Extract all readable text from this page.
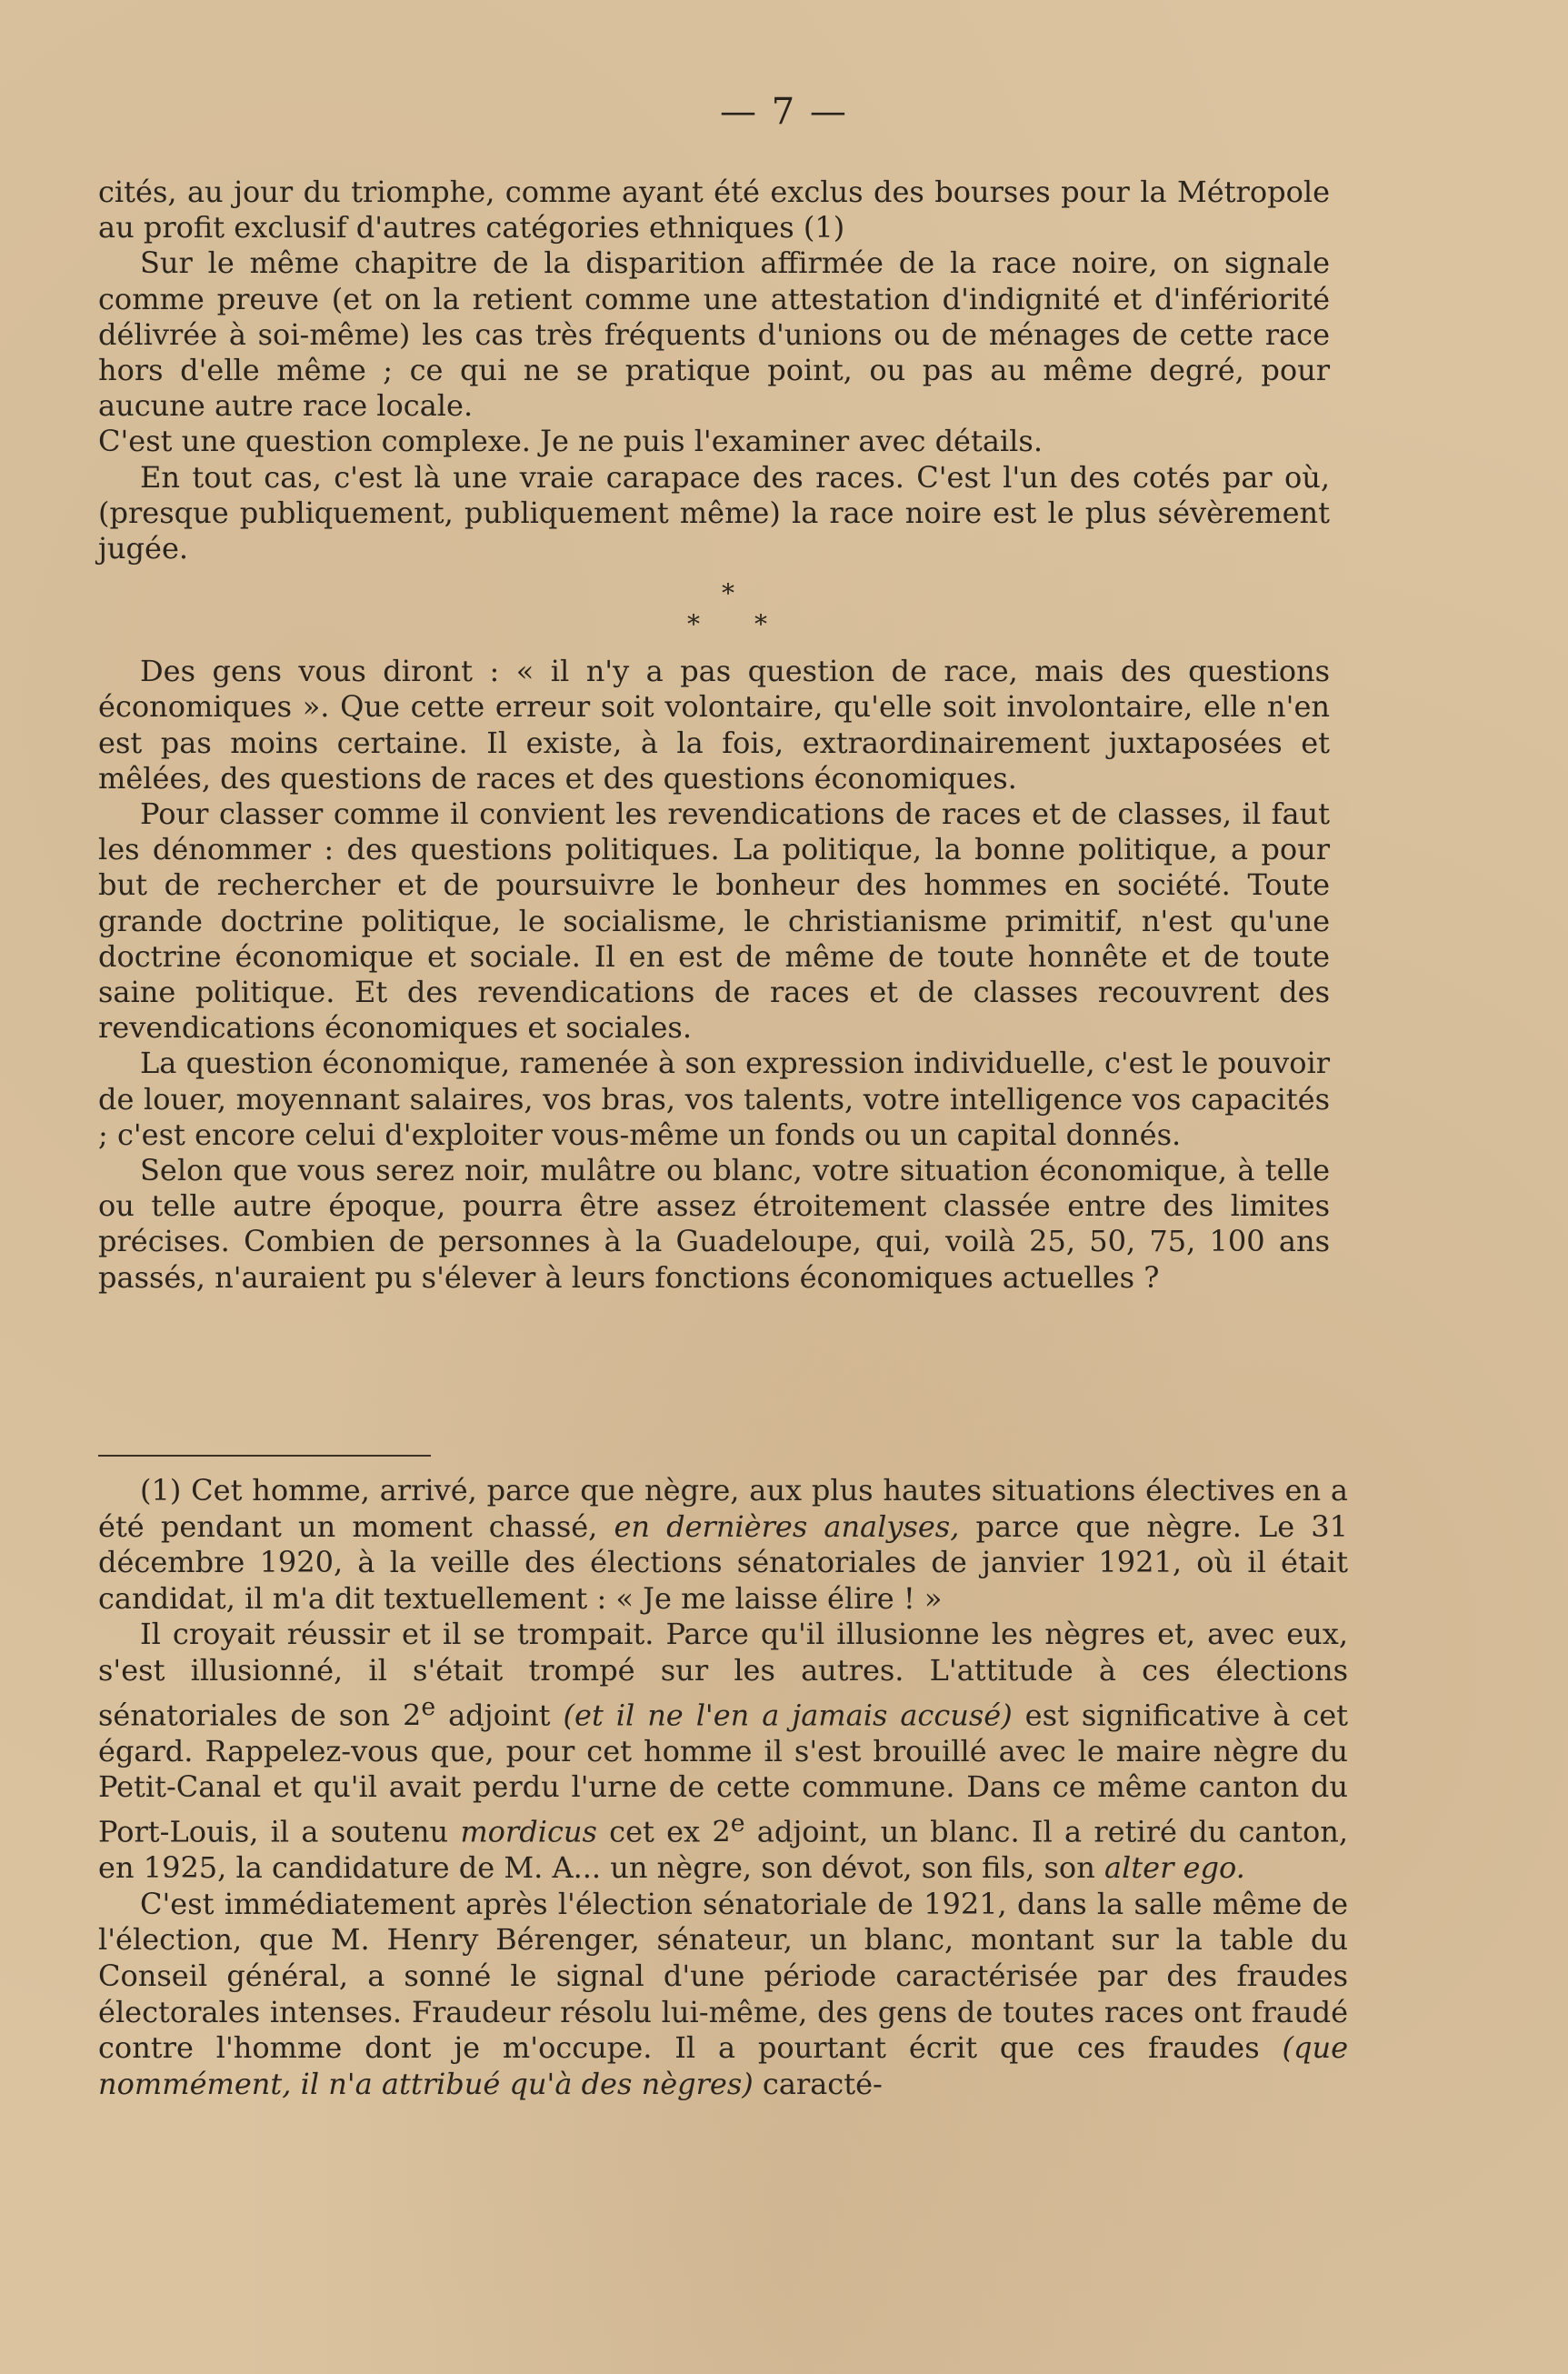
— 7 —

cités, au jour du triomphe, comme ayant été exclus des bourses pour la Métropole au profit exclusif d'autres catégories ethniques (1)

Sur le même chapitre de la disparition affirmée de la race noire, on signale comme preuve (et on la retient comme une attestation d'indignité et d'infériorité délivrée à soi-même) les cas très fréquents d'unions ou de ménages de cette race hors d'elle même ; ce qui ne se pratique point, ou pas au même degré, pour aucune autre race locale.

C'est une question complexe. Je ne puis l'examiner avec détails.

En tout cas, c'est là une vraie carapace des races. C'est l'un des cotés par où, (presque publiquement, publiquement même) la race noire est le plus sévèrement jugée.

*
* *

Des gens vous diront : « il n'y a pas question de race, mais des questions économiques ». Que cette erreur soit volontaire, qu'elle soit involontaire, elle n'en est pas moins certaine. Il existe, à la fois, extraordinairement juxtaposées et mêlées, des questions de races et des questions économiques.

Pour classer comme il convient les revendications de races et de classes, il faut les dénommer : des questions politiques. La politique, la bonne politique, a pour but de rechercher et de poursuivre le bonheur des hommes en société. Toute grande doctrine politique, le socialisme, le christianisme primitif, n'est qu'une doctrine économique et sociale. Il en est de même de toute honnête et de toute saine politique. Et des revendications de races et de classes recouvrent des revendications économiques et sociales.

La question économique, ramenée à son expression individuelle, c'est le pouvoir de louer, moyennant salaires, vos bras, vos talents, votre intelligence vos capacités ; c'est encore celui d'exploiter vous-même un fonds ou un capital donnés.

Selon que vous serez noir, mulâtre ou blanc, votre situation économique, à telle ou telle autre époque, pourra être assez étroitement classée entre des limites précises. Combien de personnes à la Guadeloupe, qui, voilà 25, 50, 75, 100 ans passés, n'auraient pu s'élever à leurs fonctions économiques actuelles ?

(1) Cet homme, arrivé, parce que nègre, aux plus hautes situations électives en a été pendant un moment chassé, en dernières analyses, parce que nègre. Le 31 décembre 1920, à la veille des élections sénatoriales de janvier 1921, où il était candidat, il m'a dit textuellement : « Je me laisse élire ! »

Il croyait réussir et il se trompait. Parce qu'il illusionne les nègres et, avec eux, s'est illusionné, il s'était trompé sur les autres. L'attitude à ces élections sénatoriales de son 2e adjoint (et il ne l'en a jamais accusé) est significative à cet égard. Rappelez-vous que, pour cet homme il s'est brouillé avec le maire nègre du Petit-Canal et qu'il avait perdu l'urne de cette commune. Dans ce même canton du Port-Louis, il a soutenu mordicus cet ex 2e adjoint, un blanc. Il a retiré du canton, en 1925, la candidature de M. A... un nègre, son dévot, son fils, son alter ego.

C'est immédiatement après l'élection sénatoriale de 1921, dans la salle même de l'élection, que M. Henry Bérenger, sénateur, un blanc, montant sur la table du Conseil général, a sonné le signal d'une période caractérisée par des fraudes électorales intenses. Fraudeur résolu lui-même, des gens de toutes races ont fraudé contre l'homme dont je m'occupe. Il a pourtant écrit que ces fraudes (que nommément, il n'a attribué qu'à des nègres) caracté-
